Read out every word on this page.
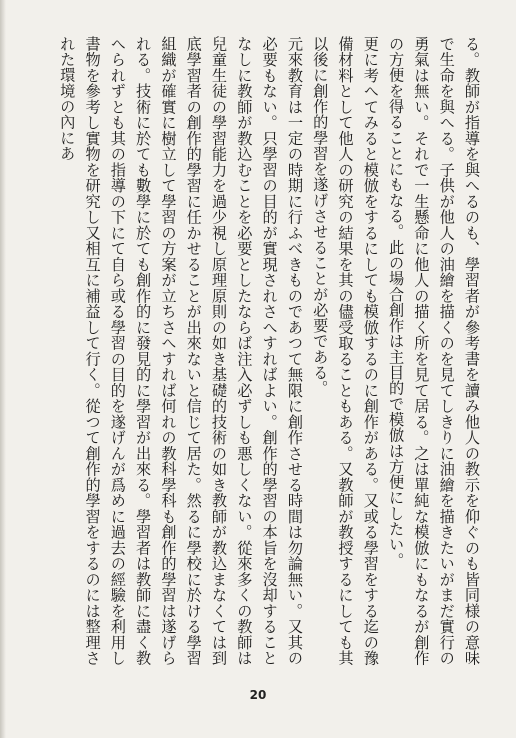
る。教師が指導を與へるのも、學習者が參考書を讀み他人の教示を仰ぐのも皆同様の意味で生命を與へる。子供が他人の油繪を描くのを見てしきりに油繪を描きたいがまだ實行の勇氣は無い。それで一生懸命に他人の描く所を見て居る。之は單純な模倣にもなるが創作の方便を得ることにもなる。此の場合創作は主目的で模倣は方便にしたい。

更に考へてみると模倣をするにしても模倣するのに創作がある。又或る學習をする迄の豫備材料として他人の研究の結果を其の儘受取ることもある。又教師が教授するにしても其以後に創作的學習を遂げさせることが必要である。

元來教育は一定の時期に行ふべきものであつて無限に創作させる時間は勿論無い。又其の必要もない。只學習の目的が實現されさへすればよい。創作的學習の本旨を沒却することなしに教師が教込むことを必要としたならば注入必ずしも悪しくない。從來多くの教師は兒童生徒の學習能力を過少視し原理原則の如き基礎的技術の如き教師が教込まなくては到底學習者の創作的學習に任かせることが出來ないと信じて居た。然るに學校に於ける學習組織が確實に樹立して學習の方案が立ちさへすれば何れの教科學科も創作的學習は遂げられる。技術に於ても數學に於ても創作的に發見的に學習が出來る。學習者は教師に盡く教へられずとも其の指導の下にて自ら或る學習の目的を遂げんが爲めに過去の經驗を利用し書物を參考し實物を研究し又相互に補益して行く。從つて創作的學習をするのには整理された環境の內にあ

20
